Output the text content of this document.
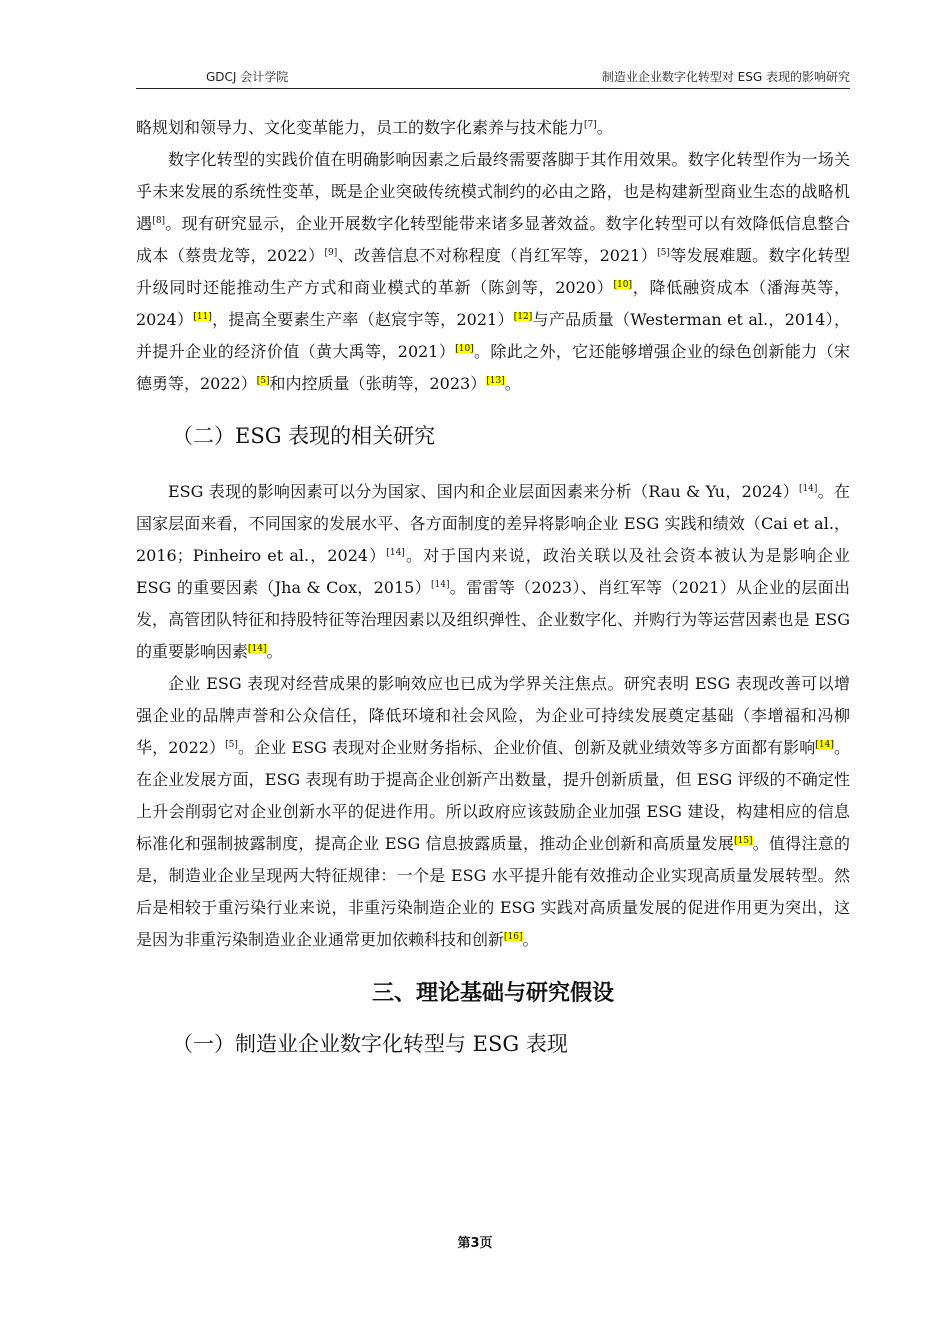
GDCJ 会计学院	制造业企业数字化转型对 ESG 表现的影响研究

略规划和领导力、文化变革能力，员工的数字化素养与技术能力[7]。

数字化转型的实践价值在明确影响因素之后最终需要落脚于其作用效果。数字化转型作为一场关乎未来发展的系统性变革，既是企业突破传统模式制约的必由之路，也是构建新型商业生态的战略机遇[8]。现有研究显示，企业开展数字化转型能带来诸多显著效益。数字化转型可以有效降低信息整合成本（蔡贵龙等，2022）[9]、改善信息不对称程度（肖红军等，2021）[5]等发展难题。数字化转型升级同时还能推动生产方式和商业模式的革新（陈剑等，2020）[10]，降低融资成本（潘海英等，2024）[11]，提高全要素生产率（赵宸宇等，2021）[12]与产品质量（Westerman et al.，2014），并提升企业的经济价值（黄大禹等，2021）[10]。除此之外，它还能够增强企业的绿色创新能力（宋德勇等，2022）[5]和内控质量（张萌等，2023）[13]。

（二）ESG 表现的相关研究

ESG 表现的影响因素可以分为国家、国内和企业层面因素来分析（Rau & Yu，2024）[14]。在国家层面来看，不同国家的发展水平、各方面制度的差异将影响企业 ESG 实践和绩效（Cai et al.，2016；Pinheiro et al.，2024）[14]。对于国内来说，政治关联以及社会资本被认为是影响企业 ESG 的重要因素（Jha & Cox，2015）[14]。雷雷等（2023）、肖红军等（2021）从企业的层面出发，高管团队特征和持股特征等治理因素以及组织弹性、企业数字化、并购行为等运营因素也是 ESG 的重要影响因素[14]。

企业 ESG 表现对经营成果的影响效应也已成为学界关注焦点。研究表明 ESG 表现改善可以增强企业的品牌声誉和公众信任，降低环境和社会风险，为企业可持续发展奠定基础（李增福和冯柳华，2022）[5]。企业 ESG 表现对企业财务指标、企业价值、创新及就业绩效等多方面都有影响[14]。在企业发展方面，ESG 表现有助于提高企业创新产出数量，提升创新质量，但 ESG 评级的不确定性上升会削弱它对企业创新水平的促进作用。所以政府应该鼓励企业加强 ESG 建设，构建相应的信息标准化和强制披露制度，提高企业 ESG 信息披露质量，推动企业创新和高质量发展[15]。值得注意的是，制造业企业呈现两大特征规律：一个是 ESG 水平提升能有效推动企业实现高质量发展转型。然后是相较于重污染行业来说，非重污染制造企业的 ESG 实践对高质量发展的促进作用更为突出，这是因为非重污染制造业企业通常更加依赖科技和创新[16]。

三、理论基础与研究假设

（一）制造业企业数字化转型与 ESG 表现

第3页
